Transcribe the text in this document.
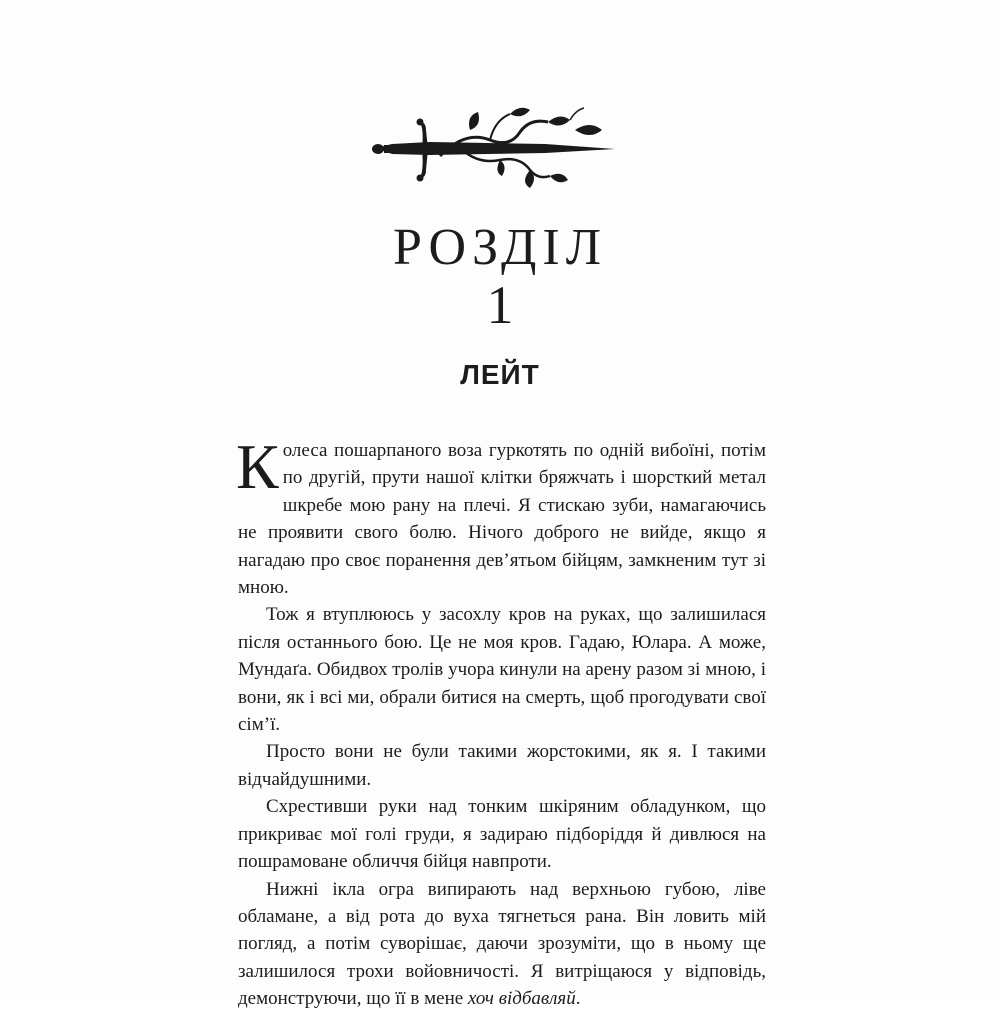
РОЗДІЛ
1
ЛЕЙТ

Колеса пошарпаного воза гуркотять по одній вибоїні, потім по другій, прути нашої клітки бряжчать і шорсткий метал шкребе мою рану на плечі. Я стискаю зуби, намагаючись не проявити свого болю. Нічого доброго не вийде, якщо я нагадаю про своє поранення дев’ятьом бійцям, замкненим тут зі мною.

Тож я втуплююсь у засохлу кров на руках, що залишилася після останнього бою. Це не моя кров. Гадаю, Юлара. А може, Мундаґа. Обидвох тролів учора кинули на арену разом зі мною, і вони, як і всі ми, обрали битися на смерть, щоб прогодувати свої сім’ї.

Просто вони не були такими жорстокими, як я. І такими відчайдушними.

Схрестивши руки над тонким шкіряним обладунком, що прикриває мої голі груди, я задираю підборіддя й дивлюся на пошрамоване обличчя бійця навпроти.

Нижні ікла огра випирають над верхньою губою, ліве обламане, а від рота до вуха тягнеться рана. Він ловить мій погляд, а потім суворішає, даючи зрозуміти, що в ньому ще залишилося трохи войовничості. Я витріщаюся у відповідь, демонструючи, що її в мене хоч відбавляй.
